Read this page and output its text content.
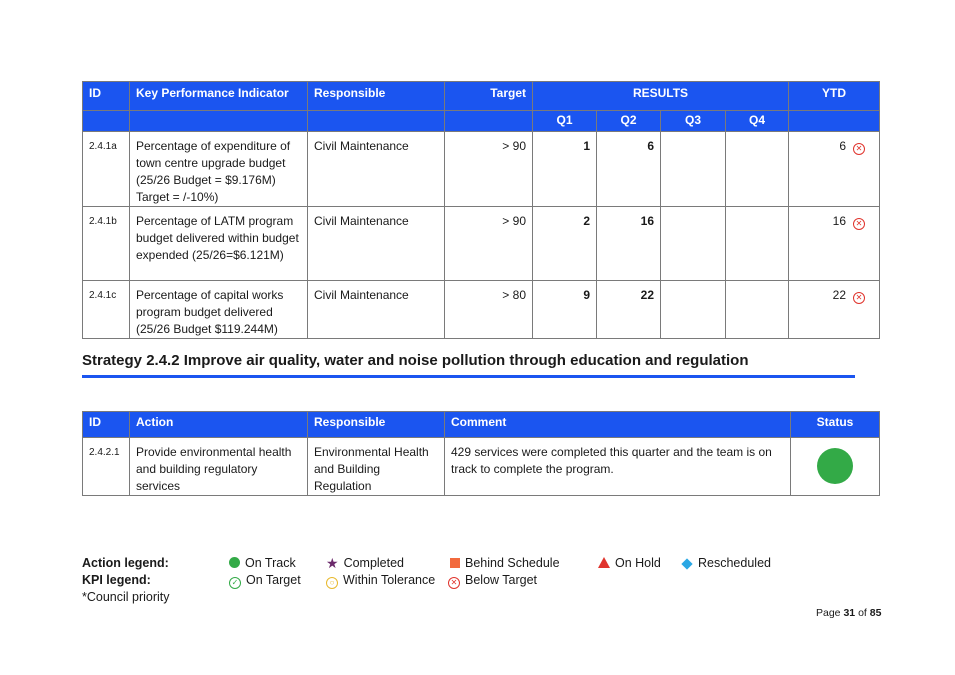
ID	Key Performance Indicator	Responsible	Target	RESULTS				YTD
				Q1	Q2	Q3	Q4	
2.4.1a	Percentage of expenditure of town centre upgrade budget (25/26 Budget = $9.176M) Target = /-10%)	Civil Maintenance	> 90	1	6			6 ✕
2.4.1b	Percentage of LATM program budget delivered within budget expended (25/26=$6.121M)	Civil Maintenance	> 90	2	16			16 ✕
2.4.1c	Percentage of capital works program budget delivered (25/26 Budget $119.244M)	Civil Maintenance	> 80	9	22			22 ✕
Strategy 2.4.2 Improve air quality, water and noise pollution through education and regulation
ID	Action	Responsible	Comment	Status
2.4.2.1	Provide environmental health and building regulatory services	Environmental Health and Building Regulation	429 services were completed this quarter and the team is on track to complete the program.	
Action legend:
KPI legend:
*Council priority
On Track ★ Completed	Behind Schedule	On Hold	Rescheduled
✓ On Target	○ Within Tolerance	✕ Below Target
Page 31 of 85
